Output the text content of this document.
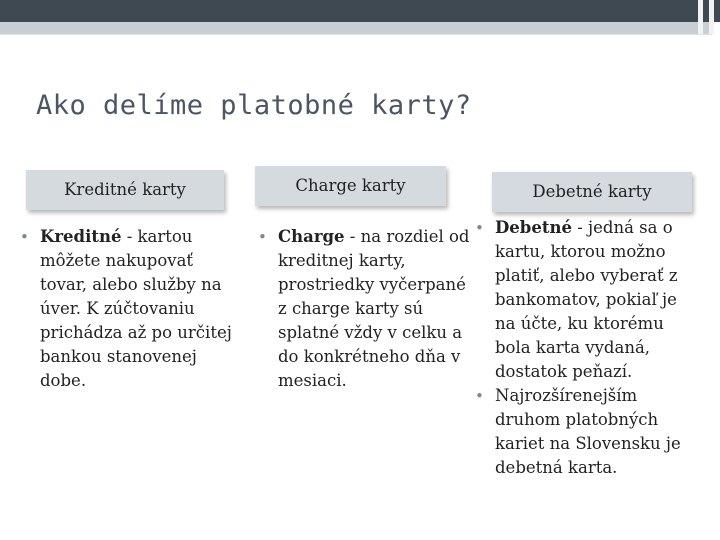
Ako delíme platobné karty?
Kreditné karty
• Kreditné - kartou môžete nakupovať tovar, alebo služby na úver. K zúčtovaniu prichádza až po určitej bankou stanovenej dobe.
Charge karty
• Charge - na rozdiel od kreditnej karty, prostriedky vyčerpané z charge karty sú splatné vždy v celku a do konkrétneho dňa v mesiaci.
Debetné karty
• Debetné - jedná sa o kartu, ktorou možno platiť, alebo vyberať z bankomatov, pokiaľ je na účte, ku ktorému bola karta vydaná, dostatok peňazí.
• Najrozšírenejším druhom platobných kariet na Slovensku je debetná karta.
